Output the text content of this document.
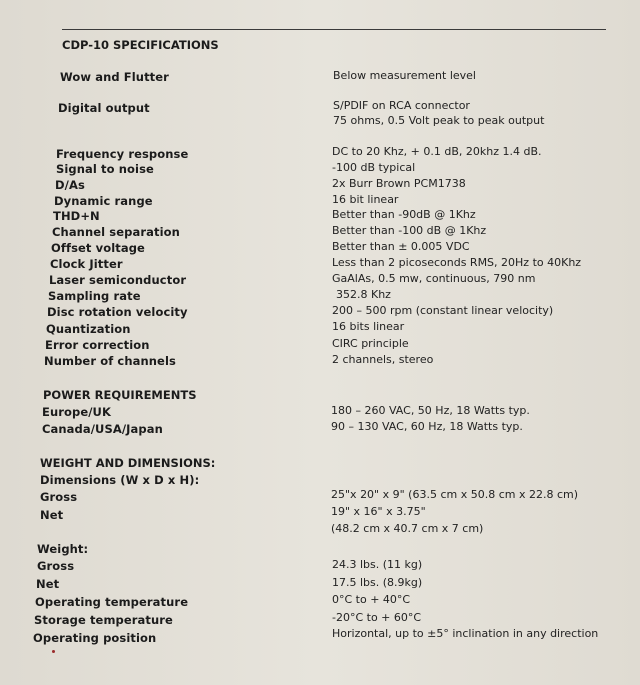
CDP-10 SPECIFICATIONS
Wow and Flutter	Below measurement level
Digital output	S/PDIF on RCA connector
75 ohms, 0.5 Volt peak to peak output
Frequency response	DC to 20 Khz, + 0.1 dB, 20khz 1.4 dB.
Signal to noise	-100 dB typical
D/As	2x Burr Brown PCM1738
Dynamic range	16 bit linear
THD+N	Better than -90dB @ 1Khz
Channel separation	Better than -100 dB @ 1Khz
Offset voltage	Better than ± 0.005 VDC
Clock Jitter	Less than 2 picoseconds RMS, 20Hz to 40Khz
Laser semiconductor	GaAlAs, 0.5 mw, continuous, 790 nm
Sampling rate	352.8 Khz
Disc rotation velocity	200 – 500 rpm (constant linear velocity)
Quantization	16 bits linear
Error correction	CIRC principle
Number of channels	2 channels, stereo
POWER REQUIREMENTS
Europe/UK	180 – 260 VAC, 50 Hz, 18 Watts typ.
Canada/USA/Japan	90 – 130 VAC, 60 Hz, 18 Watts typ.
WEIGHT AND DIMENSIONS:
Dimensions (W x D x H):
Gross	25"x 20" x 9" (63.5 cm x 50.8 cm x 22.8 cm)
Net	19" x 16" x 3.75"
(48.2 cm x 40.7 cm x 7 cm)
Weight:
Gross	24.3 lbs. (11 kg)
Net	17.5 lbs. (8.9kg)
Operating temperature	0°C to + 40°C
Storage temperature	-20°C to + 60°C
Operating position	Horizontal, up to ±5° inclination in any direction
